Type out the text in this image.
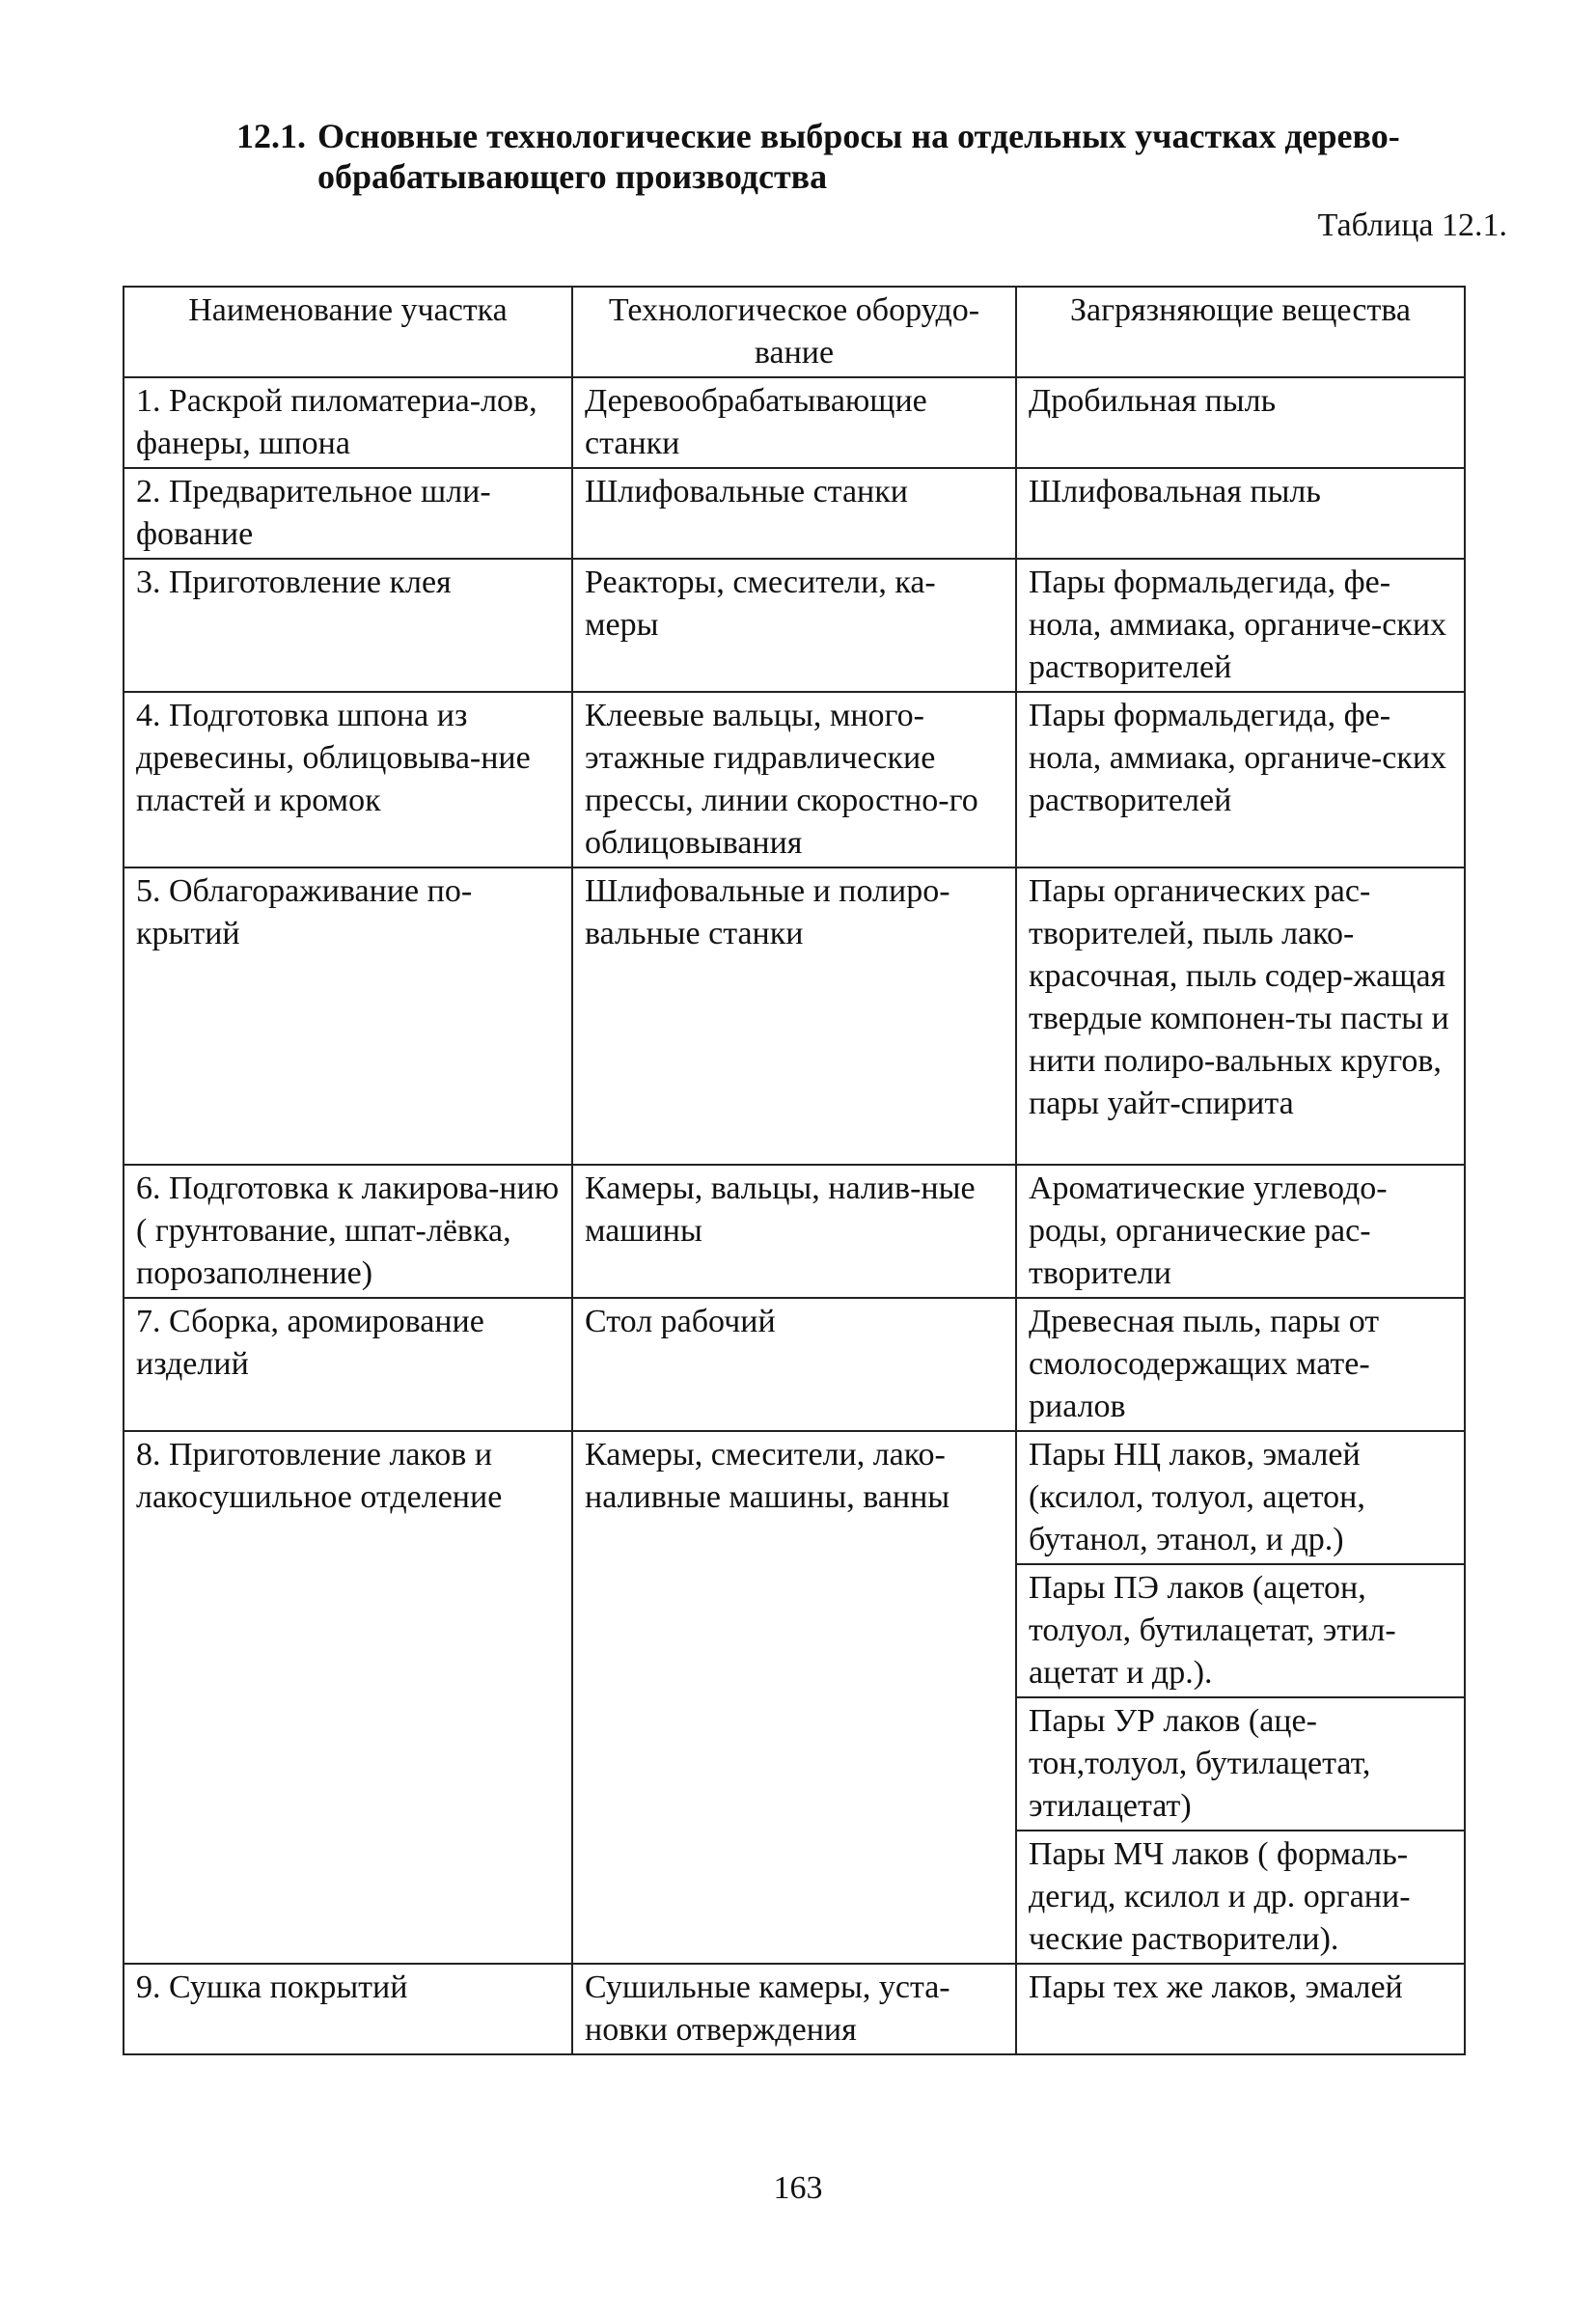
12.1. Основные технологические выбросы на отдельных участках дерево-
обрабатывающего производства
Таблица 12.1.
Наименование участка	Технологическое оборудо-вание	Загрязняющие вещества
1. Раскрой пиломатериа-лов, фанеры, шпона	Деревообрабатывающие станки	Дробильная пыль
2. Предварительное шли-фование	Шлифовальные станки	Шлифовальная пыль
3. Приготовление клея	Реакторы, смесители, ка-меры	Пары формальдегида, фе-нола, аммиака, органиче-ских растворителей
4. Подготовка шпона из древесины, облицовыва-ние пластей и кромок	Клеевые вальцы, много-этажные гидравлические прессы, линии скоростно-го облицовывания	Пары формальдегида, фе-нола, аммиака, органиче-ских растворителей
5. Облагораживание по-крытий	Шлифовальные и полиро-вальные станки	Пары органических рас-творителей, пыль лако-красочная, пыль содер-жащая твердые компонен-ты пасты и нити полиро-вальных кругов, пары уайт-спирита
6. Подготовка к лакирова-нию ( грунтование, шпат-лёвка, порозаполнение)	Камеры, вальцы, налив-ные машины	Ароматические углеводо-роды, органические рас-творители
7. Сборка, аромирование изделий	Стол рабочий	Древесная пыль, пары от смолосодержащих мате-риалов
8. Приготовление лаков и лакосушильное отделение	Камеры, смесители, лако-наливные машины, ванны	Пары НЦ лаков, эмалей (ксилол, толуол, ацетон, бутанол, этанол, и др.)
		Пары ПЭ лаков (ацетон, толуол, бутилацетат, этил-ацетат и др.).
		Пары УР лаков (аце-тон,толуол, бутилацетат, этилацетат)
		Пары МЧ лаков ( формаль-дегид, ксилол и др. органи-ческие растворители).
9. Сушка покрытий	Сушильные камеры, уста-новки отверждения	Пары тех же лаков, эмалей
163
